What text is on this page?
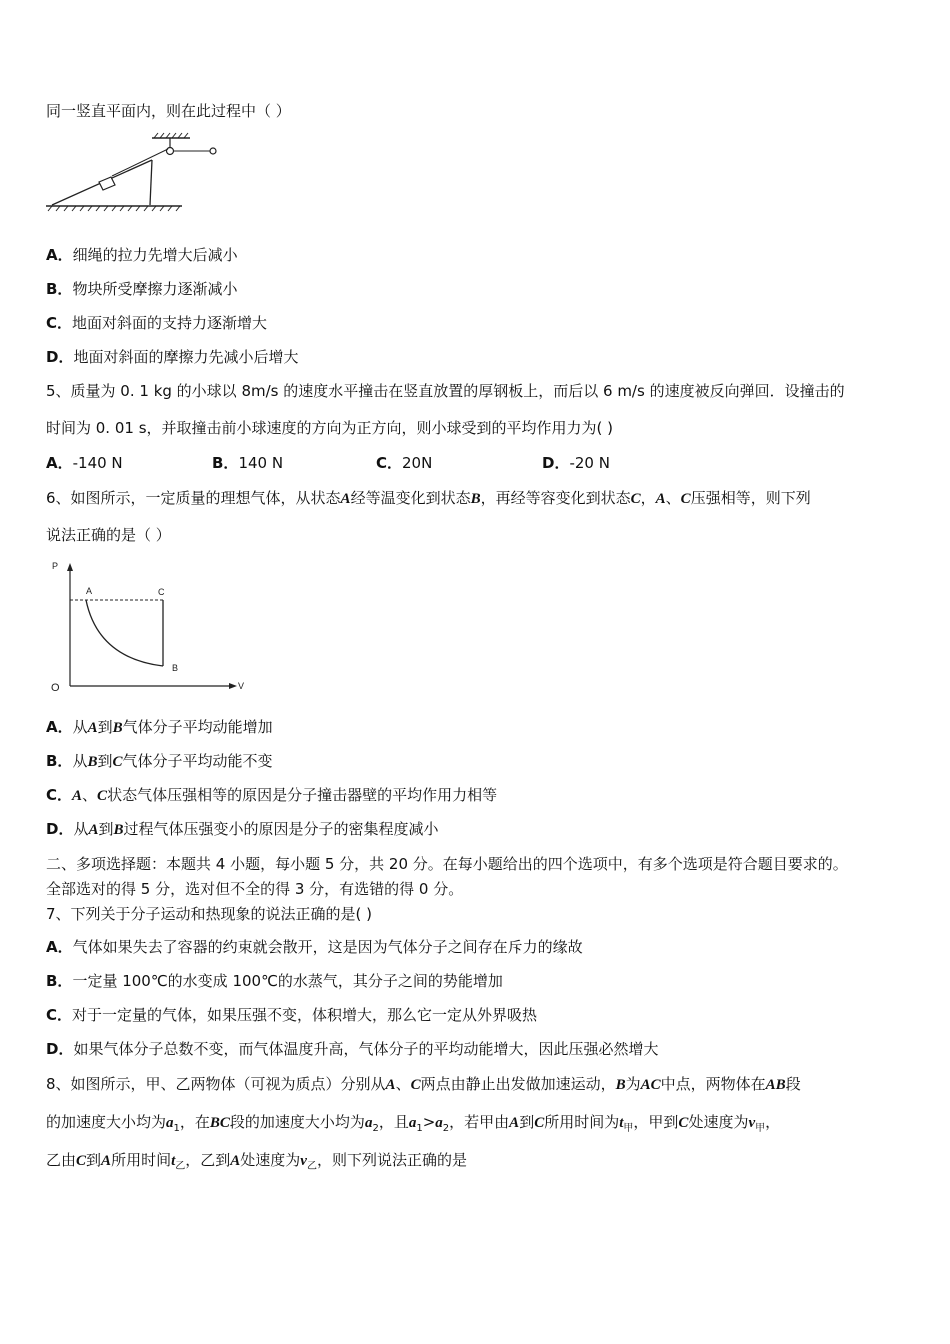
同一竖直平面内，则在此过程中（ ）
A．细绳的拉力先增大后减小
B．物块所受摩擦力逐渐减小
C．地面对斜面的支持力逐渐增大
D．地面对斜面的摩擦力先减小后增大
5、质量为 0. 1 kg 的小球以 8m/s 的速度水平撞击在竖直放置的厚钢板上，而后以 6 m/s 的速度被反向弹回．设撞击的
时间为 0. 01 s，并取撞击前小球速度的方向为正方向，则小球受到的平均作用力为( )
A．-140 N	B．140 N	C．20N	D．-20 N
6、如图所示，一定质量的理想气体，从状态A经等温变化到状态B，再经等容变化到状态C，A、C压强相等，则下列
说法正确的是（ ）
P
V
O
A	C
B
A．从A到B气体分子平均动能增加
B．从B到C气体分子平均动能不变
C．A、C状态气体压强相等的原因是分子撞击器壁的平均作用力相等
D．从A到B过程气体压强变小的原因是分子的密集程度减小
二、多项选择题：本题共 4 小题，每小题 5 分，共 20 分。在每小题给出的四个选项中，有多个选项是符合题目要求的。
全部选对的得 5 分，选对但不全的得 3 分，有选错的得 0 分。
7、下列关于分子运动和热现象的说法正确的是( )
A．气体如果失去了容器的约束就会散开，这是因为气体分子之间存在斥力的缘故
B．一定量 100℃的水变成 100℃的水蒸气，其分子之间的势能增加
C．对于一定量的气体，如果压强不变，体积增大，那么它一定从外界吸热
D．如果气体分子总数不变，而气体温度升高，气体分子的平均动能增大，因此压强必然增大
8、如图所示，甲、乙两物体（可视为质点）分别从A、C两点由静止出发做加速运动，B为AC中点，两物体在AB段
的加速度大小均为$a_1$，在BC段的加速度大小均为$a_2$，且$a_1>a_2$，若甲由A到C所用时间为$t_甲$，甲到C处速度为$v_甲$，
乙由C到A所用时间$t_乙$，乙到A处速度为$v_乙$，则下列说法正确的是
